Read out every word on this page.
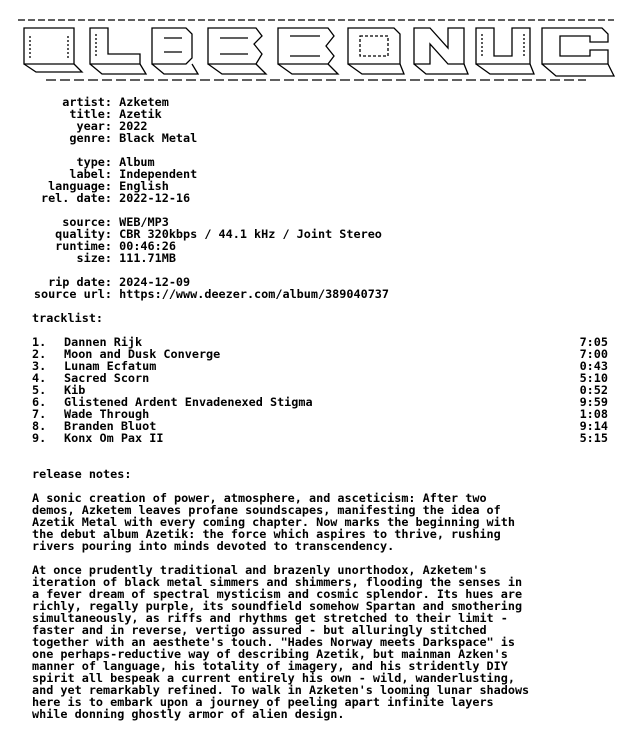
artist: Azketem
title: Azetik
year: 2022
genre: Black Metal
type: Album
label: Independent
language: English
rel. date: 2022-12-16
source: WEB/MP3
quality: CBR 320kbps / 44.1 kHz / Joint Stereo
runtime: 00:46:26
size: 111.71MB
rip date: 2024-12-09
source url: https://www.deezer.com/album/389040737
tracklist:
1. Dannen Rijk	7:05
2. Moon and Dusk Converge	7:00
3. Lunam Ecfatum	0:43
4. Sacred Scorn	5:10
5. Kib	0:52
6. Glistened Ardent Envadenexed Stigma	9:59
7. Wade Through	1:08
8. Branden Bluot	9:14
9. Konx Om Pax II	5:15
release notes:
A sonic creation of power, atmosphere, and asceticism: After two
demos, Azketem leaves profane soundscapes, manifesting the idea of
Azetik Metal with every coming chapter. Now marks the beginning with
the debut album Azetik: the force which aspires to thrive, rushing
rivers pouring into minds devoted to transcendency.
At once prudently traditional and brazenly unorthodox, Azketem's
iteration of black metal simmers and shimmers, flooding the senses in
a fever dream of spectral mysticism and cosmic splendor. Its hues are
richly, regally purple, its soundfield somehow Spartan and smothering
simultaneously, as riffs and rhythms get stretched to their limit -
faster and in reverse, vertigo assured - but alluringly stitched
together with an aesthete's touch. "Hades Norway meets Darkspace" is
one perhaps-reductive way of describing Azetik, but mainman Azken's
manner of language, his totality of imagery, and his stridently DIY
spirit all bespeak a current entirely his own - wild, wanderlusting,
and yet remarkably refined. To walk in Azketen's looming lunar shadows
here is to embark upon a journey of peeling apart infinite layers
while donning ghostly armor of alien design.
